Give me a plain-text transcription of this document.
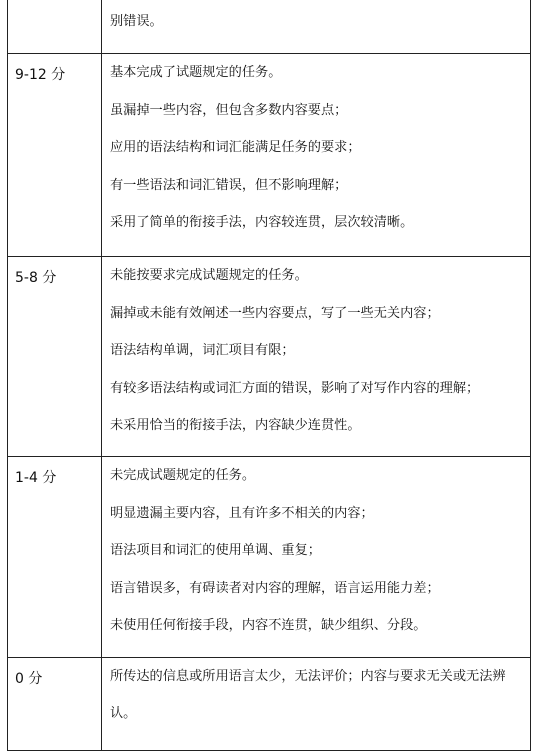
	别错误。

9-12 分	基本完成了试题规定的任务。
虽漏掉一些内容，但包含多数内容要点；
应用的语法结构和词汇能满足任务的要求；
有一些语法和词汇错误，但不影响理解；
采用了简单的衔接手法，内容较连贯，层次较清晰。

5-8 分	未能按要求完成试题规定的任务。
漏掉或未能有效阐述一些内容要点，写了一些无关内容；
语法结构单调，词汇项目有限；
有较多语法结构或词汇方面的错误，影响了对写作内容的理解；
未采用恰当的衔接手法，内容缺少连贯性。

1-4 分	未完成试题规定的任务。
明显遗漏主要内容，且有许多不相关的内容；
语法项目和词汇的使用单调、重复；
语言错误多，有碍读者对内容的理解，语言运用能力差；
未使用任何衔接手段，内容不连贯，缺少组织、分段。

0 分	所传达的信息或所用语言太少，无法评价；内容与要求无关或无法辨认。
